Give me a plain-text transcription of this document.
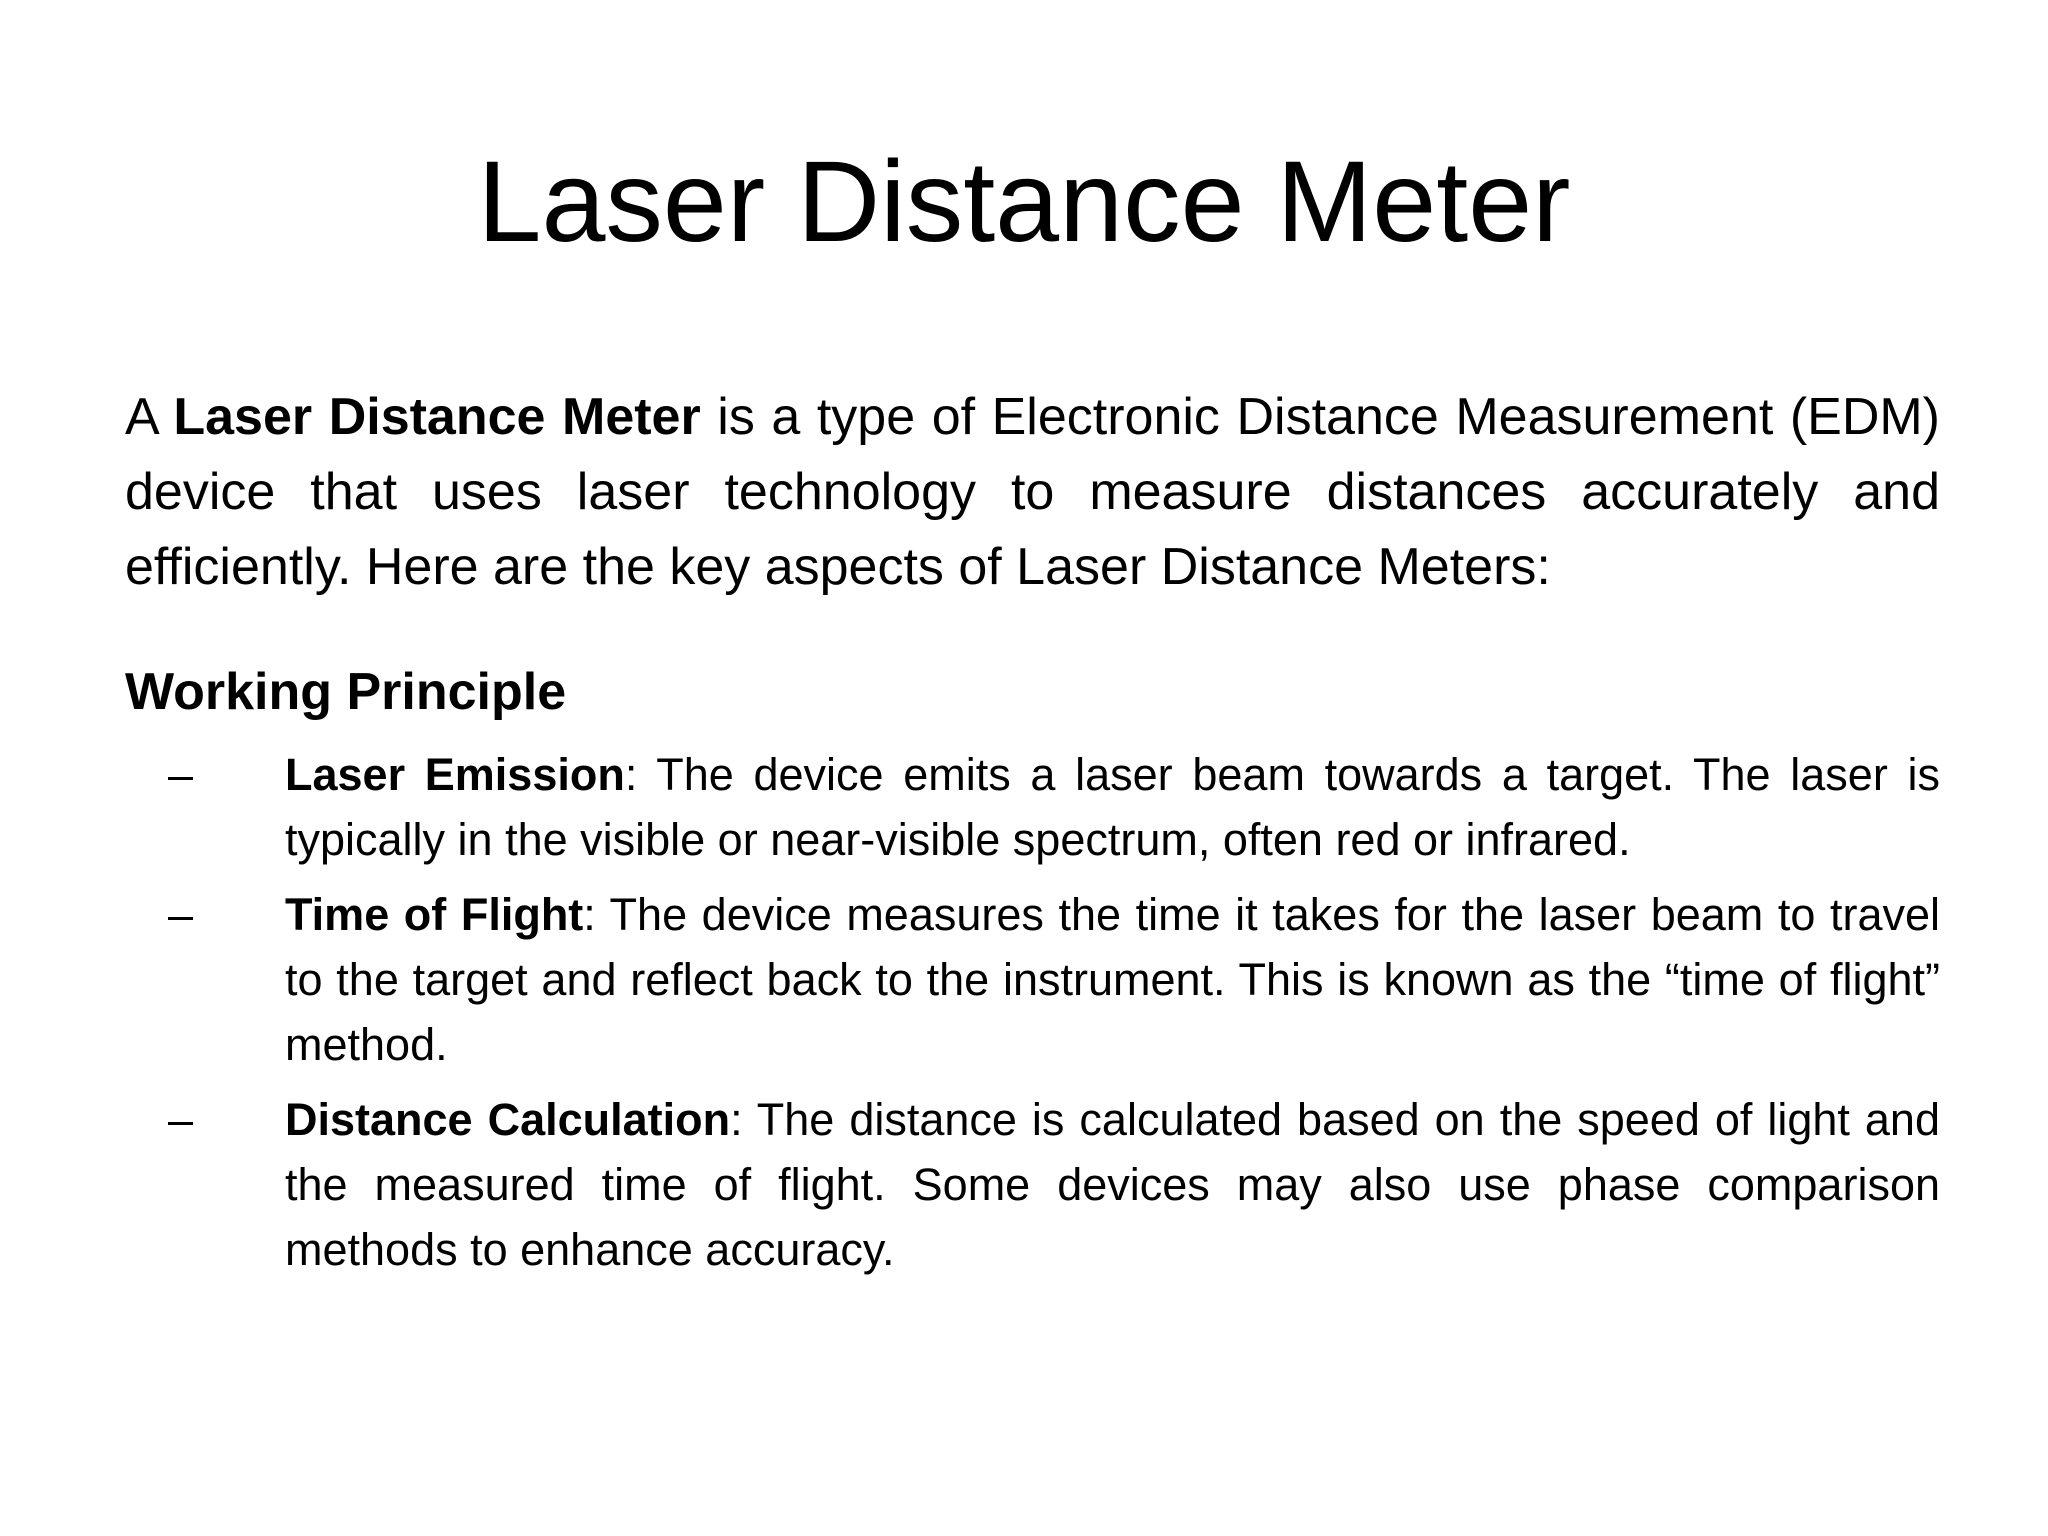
Laser Distance Meter

A Laser Distance Meter is a type of Electronic Distance Measurement (EDM) device that uses laser technology to measure distances accurately and efficiently. Here are the key aspects of Laser Distance Meters:

Working Principle
– Laser Emission: The device emits a laser beam towards a target. The laser is typically in the visible or near-visible spectrum, often red or infrared.
– Time of Flight: The device measures the time it takes for the laser beam to travel to the target and reflect back to the instrument. This is known as the “time of flight” method.
– Distance Calculation: The distance is calculated based on the speed of light and the measured time of flight. Some devices may also use phase comparison methods to enhance accuracy.
